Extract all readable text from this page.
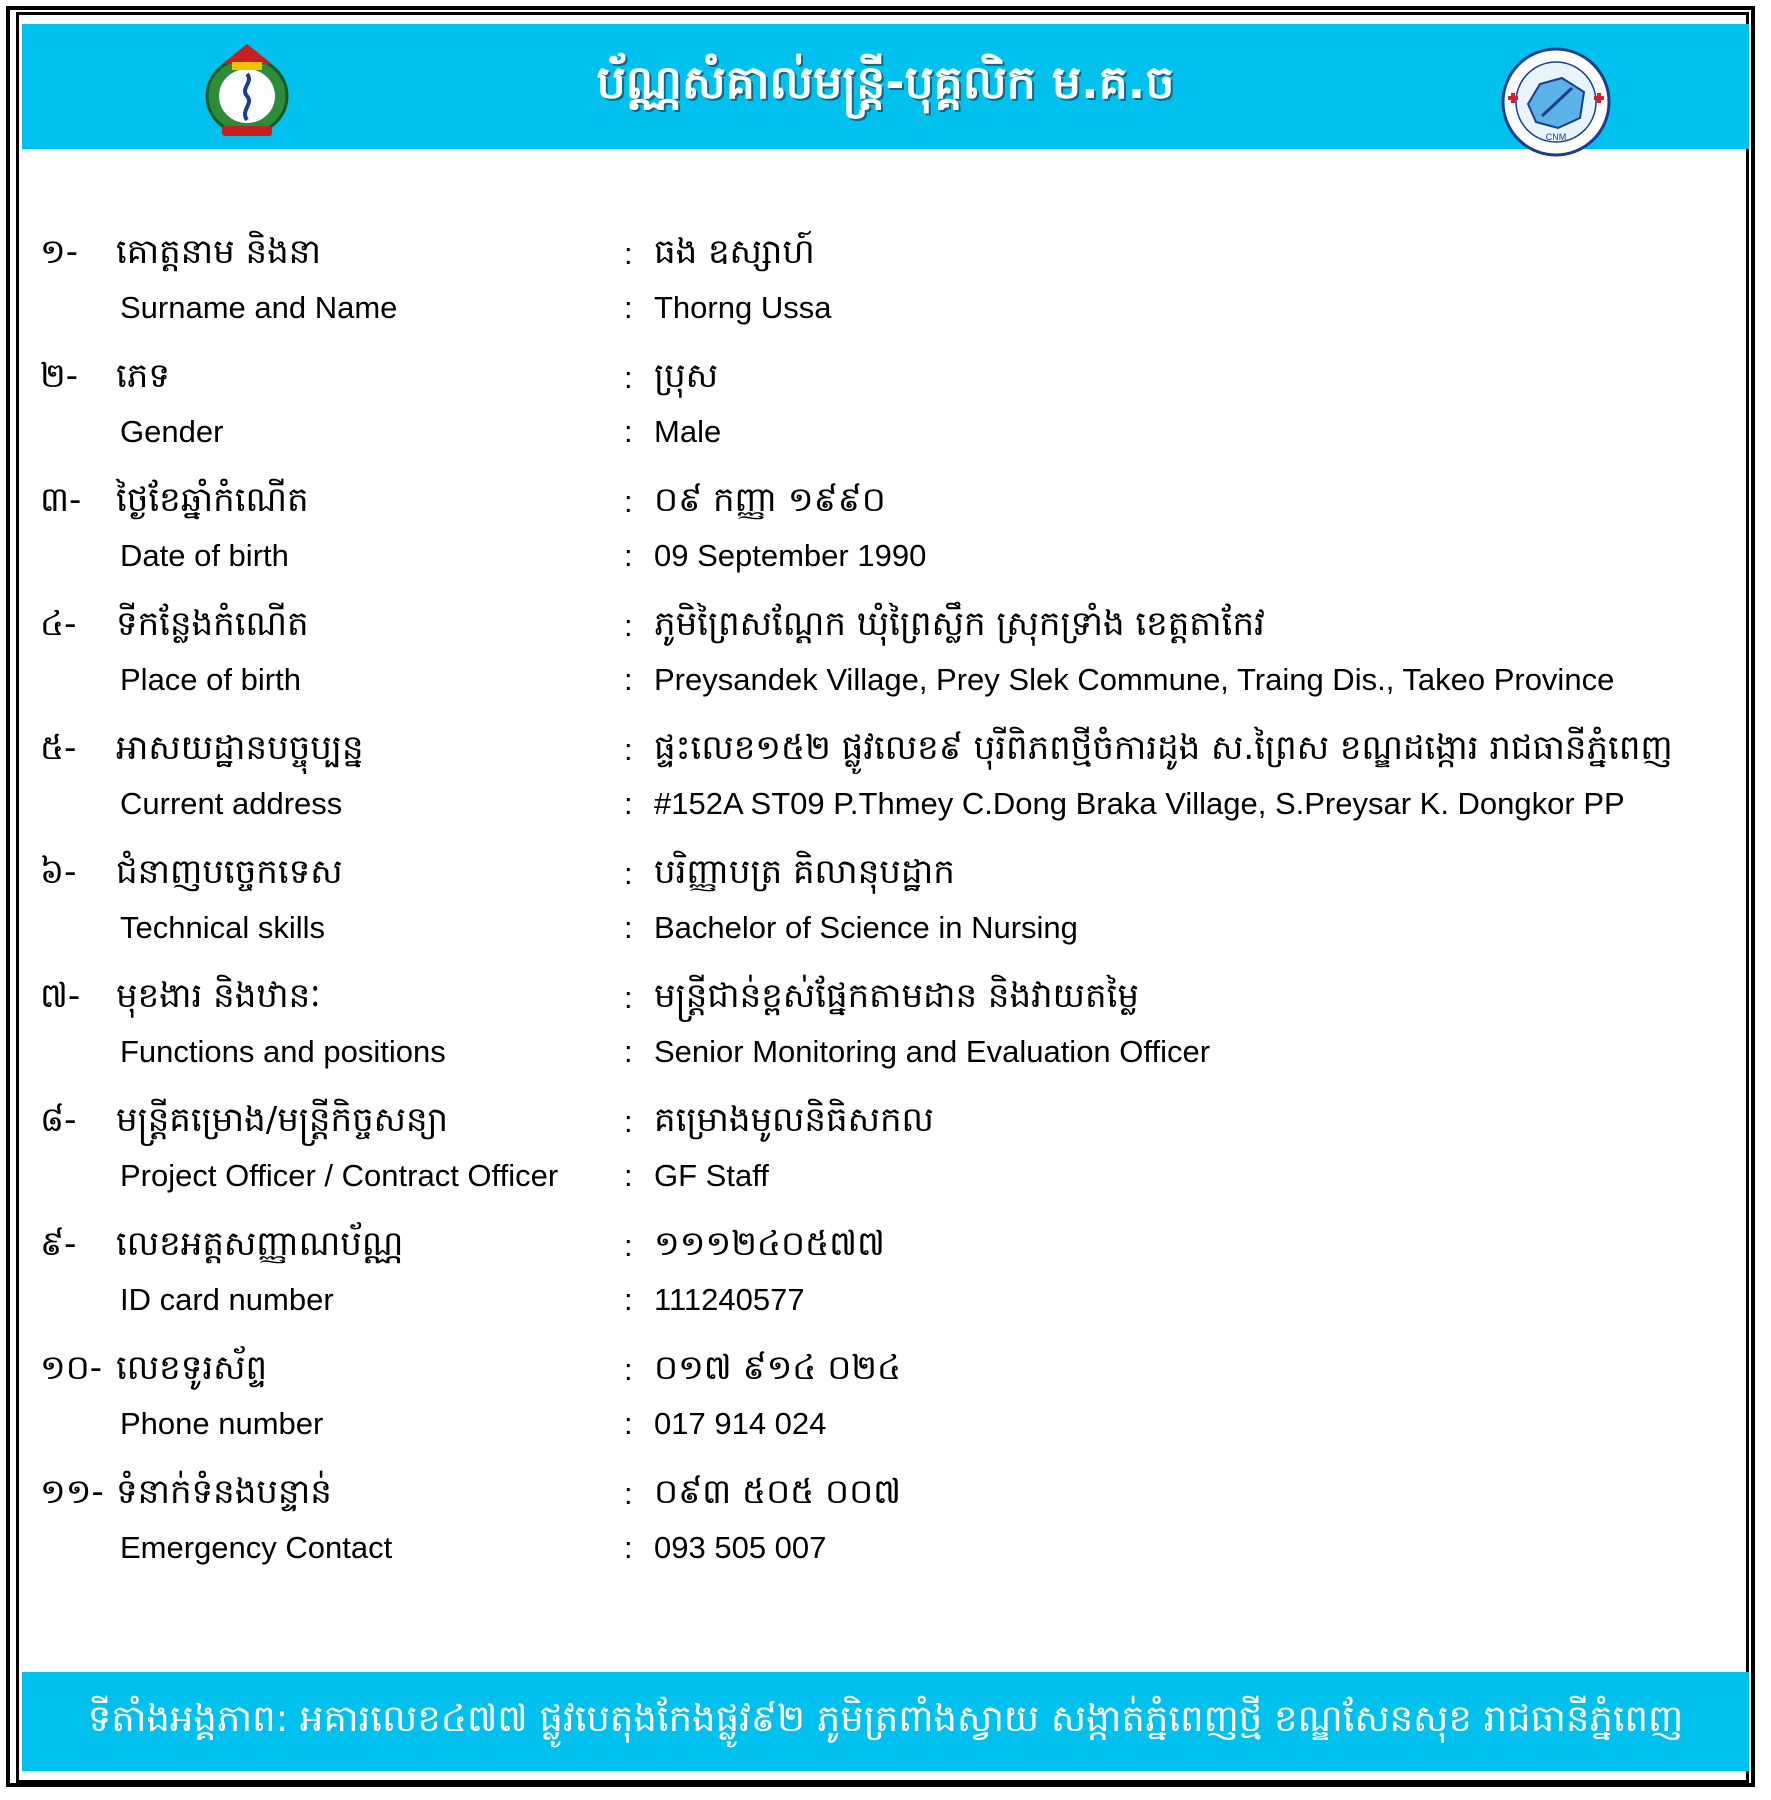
ប័ណ្ណសំគាល់មន្ត្រី-បុគ្គលិក ម.គ.ច
CNM
១- គោត្តនាម និងនា
Surname and Name
: ធង ឧស្សាហ៍
: Thorng Ussa
២- ភេទ
Gender
: ប្រុស
: Male
៣- ថ្ងៃខែឆ្នាំកំណើត
Date of birth
: ០៩ កញ្ញា ១៩៩០
: 09 September 1990
៤- ទីកន្លែងកំណើត
Place of birth
: ភូមិព្រៃសណ្តែក ឃុំព្រៃស្លឹក ស្រុកទ្រាំង ខេត្តតាកែវ
: Preysandek Village, Prey Slek Commune, Traing Dis., Takeo Province
៥- អាសយដ្ឋានបច្ចុប្បន្ន
Current address
: ផ្ទះលេខ១៥២ ផ្លូវលេខ៩ បុរីពិភពថ្មីចំការដូង ស.ព្រៃស ខណ្ឌដង្កោរ រាជធានីភ្នំពេញ
: #152A ST09 P.Thmey C.Dong Braka Village, S.Preysar K. Dongkor PP
៦- ជំនាញបច្ចេកទេស
Technical skills
: បរិញ្ញាបត្រ គិលានុបដ្ឋាក
: Bachelor of Science in Nursing
៧- មុខងារ និងឋានៈ
Functions and positions
: មន្ត្រីជាន់ខ្ពស់ផ្នែកតាមដាន និងវាយតម្លៃ
: Senior Monitoring and Evaluation Officer
៨- មន្ត្រីគម្រោង/មន្ត្រីកិច្ចសន្យា
Project Officer / Contract Officer
: គម្រោងមូលនិធិសកល
: GF Staff
៩- លេខអត្តសញ្ញាណប័ណ្ណ
ID card number
: ១១១២៤០៥៧៧
: 111240577
១០- លេខទូរស័ព្ទ
Phone number
: ០១៧ ៩១៤ ០២៤
: 017 914 024
១១- ទំនាក់ទំនងបន្ទាន់
Emergency Contact
: ០៩៣ ៥០៥ ០០៧
: 093 505 007
ទីតាំងអង្គភាព: អគារលេខ៤៧៧ ផ្លូវបេតុងកែងផ្លូវ៩២ ភូមិត្រពាំងស្វាយ សង្កាត់ភ្នំពេញថ្មី ខណ្ឌសែនសុខ រាជធានីភ្នំពេញ
